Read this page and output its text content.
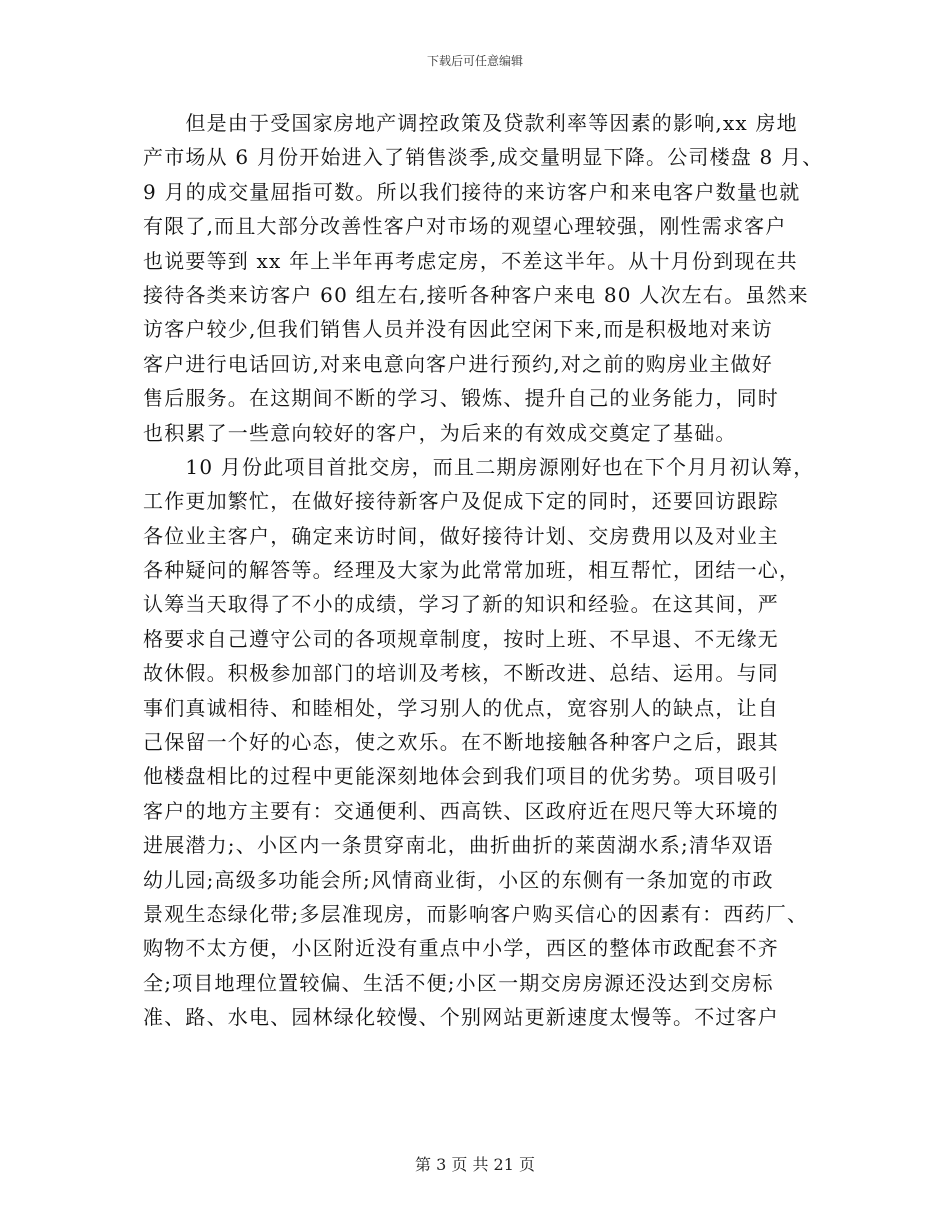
下载后可任意编辑
　　但是由于受国家房地产调控政策及贷款利率等因素的影响,xx 房地
产市场从 6 月份开始进入了销售淡季,成交量明显下降。公司楼盘 8 月、
9 月的成交量屈指可数。所以我们接待的来访客户和来电客户数量也就
有限了,而且大部分改善性客户对市场的观望心理较强，刚性需求客户
也说要等到 xx 年上半年再考虑定房，不差这半年。从十月份到现在共
接待各类来访客户 60 组左右,接听各种客户来电 80 人次左右。虽然来
访客户较少,但我们销售人员并没有因此空闲下来,而是积极地对来访
客户进行电话回访,对来电意向客户进行预约,对之前的购房业主做好
售后服务。在这期间不断的学习、锻炼、提升自己的业务能力，同时
也积累了一些意向较好的客户，为后来的有效成交奠定了基础。
　　10 月份此项目首批交房，而且二期房源刚好也在下个月月初认筹，
工作更加繁忙，在做好接待新客户及促成下定的同时，还要回访跟踪
各位业主客户，确定来访时间，做好接待计划、交房费用以及对业主
各种疑问的解答等。经理及大家为此常常加班，相互帮忙，团结一心，
认筹当天取得了不小的成绩，学习了新的知识和经验。在这其间，严
格要求自己遵守公司的各项规章制度，按时上班、不早退、不无缘无
故休假。积极参加部门的培训及考核，不断改进、总结、运用。与同
事们真诚相待、和睦相处，学习别人的优点，宽容别人的缺点，让自
己保留一个好的心态，使之欢乐。在不断地接触各种客户之后，跟其
他楼盘相比的过程中更能深刻地体会到我们项目的优劣势。项目吸引
客户的地方主要有：交通便利、西高铁、区政府近在咫尺等大环境的
进展潜力;、小区内一条贯穿南北，曲折曲折的莱茵湖水系;清华双语
幼儿园;高级多功能会所;风情商业街，小区的东侧有一条加宽的市政
景观生态绿化带;多层准现房，而影响客户购买信心的因素有：西药厂、
购物不太方便，小区附近没有重点中小学，西区的整体市政配套不齐
全;项目地理位置较偏、生活不便;小区一期交房房源还没达到交房标
准、路、水电、园林绿化较慢、个别网站更新速度太慢等。不过客户
第 3 页 共 21 页
